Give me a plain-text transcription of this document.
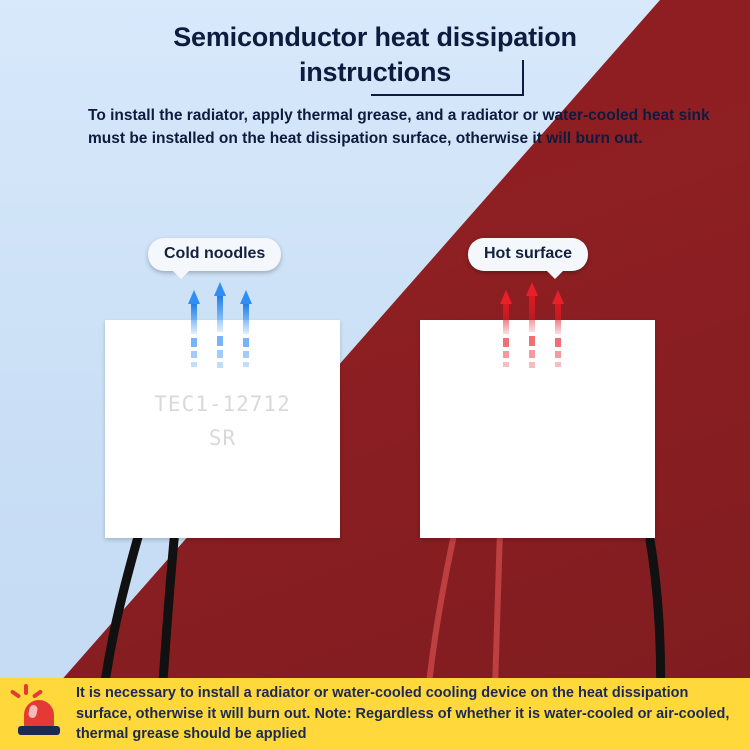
Semiconductor heat dissipation
instructions
To install the radiator, apply thermal grease, and a radiator or water-cooled heat sink must be installed on the heat dissipation surface, otherwise it will burn out.
TEC1-12712
SR
Cold noodles	Hot surface
It is necessary to install a radiator or water-cooled cooling device on the heat dissipation surface, otherwise it will burn out. Note: Regardless of whether it is water-cooled or air-cooled, thermal grease should be applied
